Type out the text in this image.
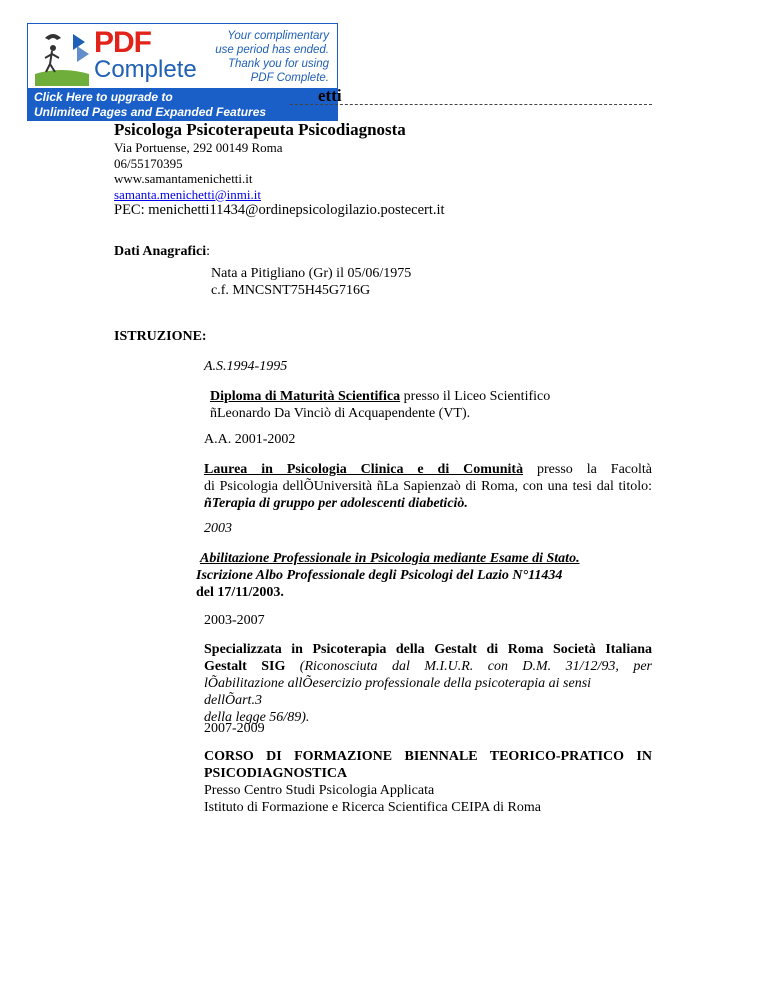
PDF
Complete
Your complimentary
use period has ended.
Thank you for using
PDF Complete.
Click Here to upgrade to
Unlimited Pages and Expanded Features
etti
Psicologa Psicoterapeuta Psicodiagnosta
Via Portuense, 292 00149 Roma
06/55170395
www.samantamenichetti.it
samanta.menichetti@inmi.it
PEC: menichetti11434@ordinepsicologilazio.postecert.it
Dati Anagrafici:
Nata a Pitigliano (Gr) il 05/06/1975
c.f. MNCSNT75H45G716G
ISTRUZIONE:
A.S.1994-1995
Diploma di Maturità Scientifica presso il Liceo Scientifico
ñLeonardo Da Vinciò di Acquapendente (VT).
A.A. 2001-2002
Laurea in Psicologia Clinica e di Comunità presso la Facoltà
di Psicologia dellÕUniversità ñLa Sapienzaò di Roma, con una tesi dal titolo:
ñTerapia di gruppo per adolescenti diabeticiò.
2003
Abilitazione Professionale in Psicologia mediante Esame di Stato.
Iscrizione Albo Professionale degli Psicologi del Lazio N°11434
del 17/11/2003.
2003-2007
Specializzata in Psicoterapia della Gestalt di Roma Società Italiana
Gestalt SIG (Riconosciuta dal M.I.U.R. con D.M. 31/12/93, per
lÕabilitazione allÕesercizio professionale della psicoterapia ai sensi dellÕart.3
della legge 56/89).
2007-2009
CORSO DI FORMAZIONE BIENNALE TEORICO-PRATICO IN
PSICODIAGNOSTICA
Presso Centro Studi Psicologia Applicata
Istituto di Formazione e Ricerca Scientifica CEIPA di Roma
